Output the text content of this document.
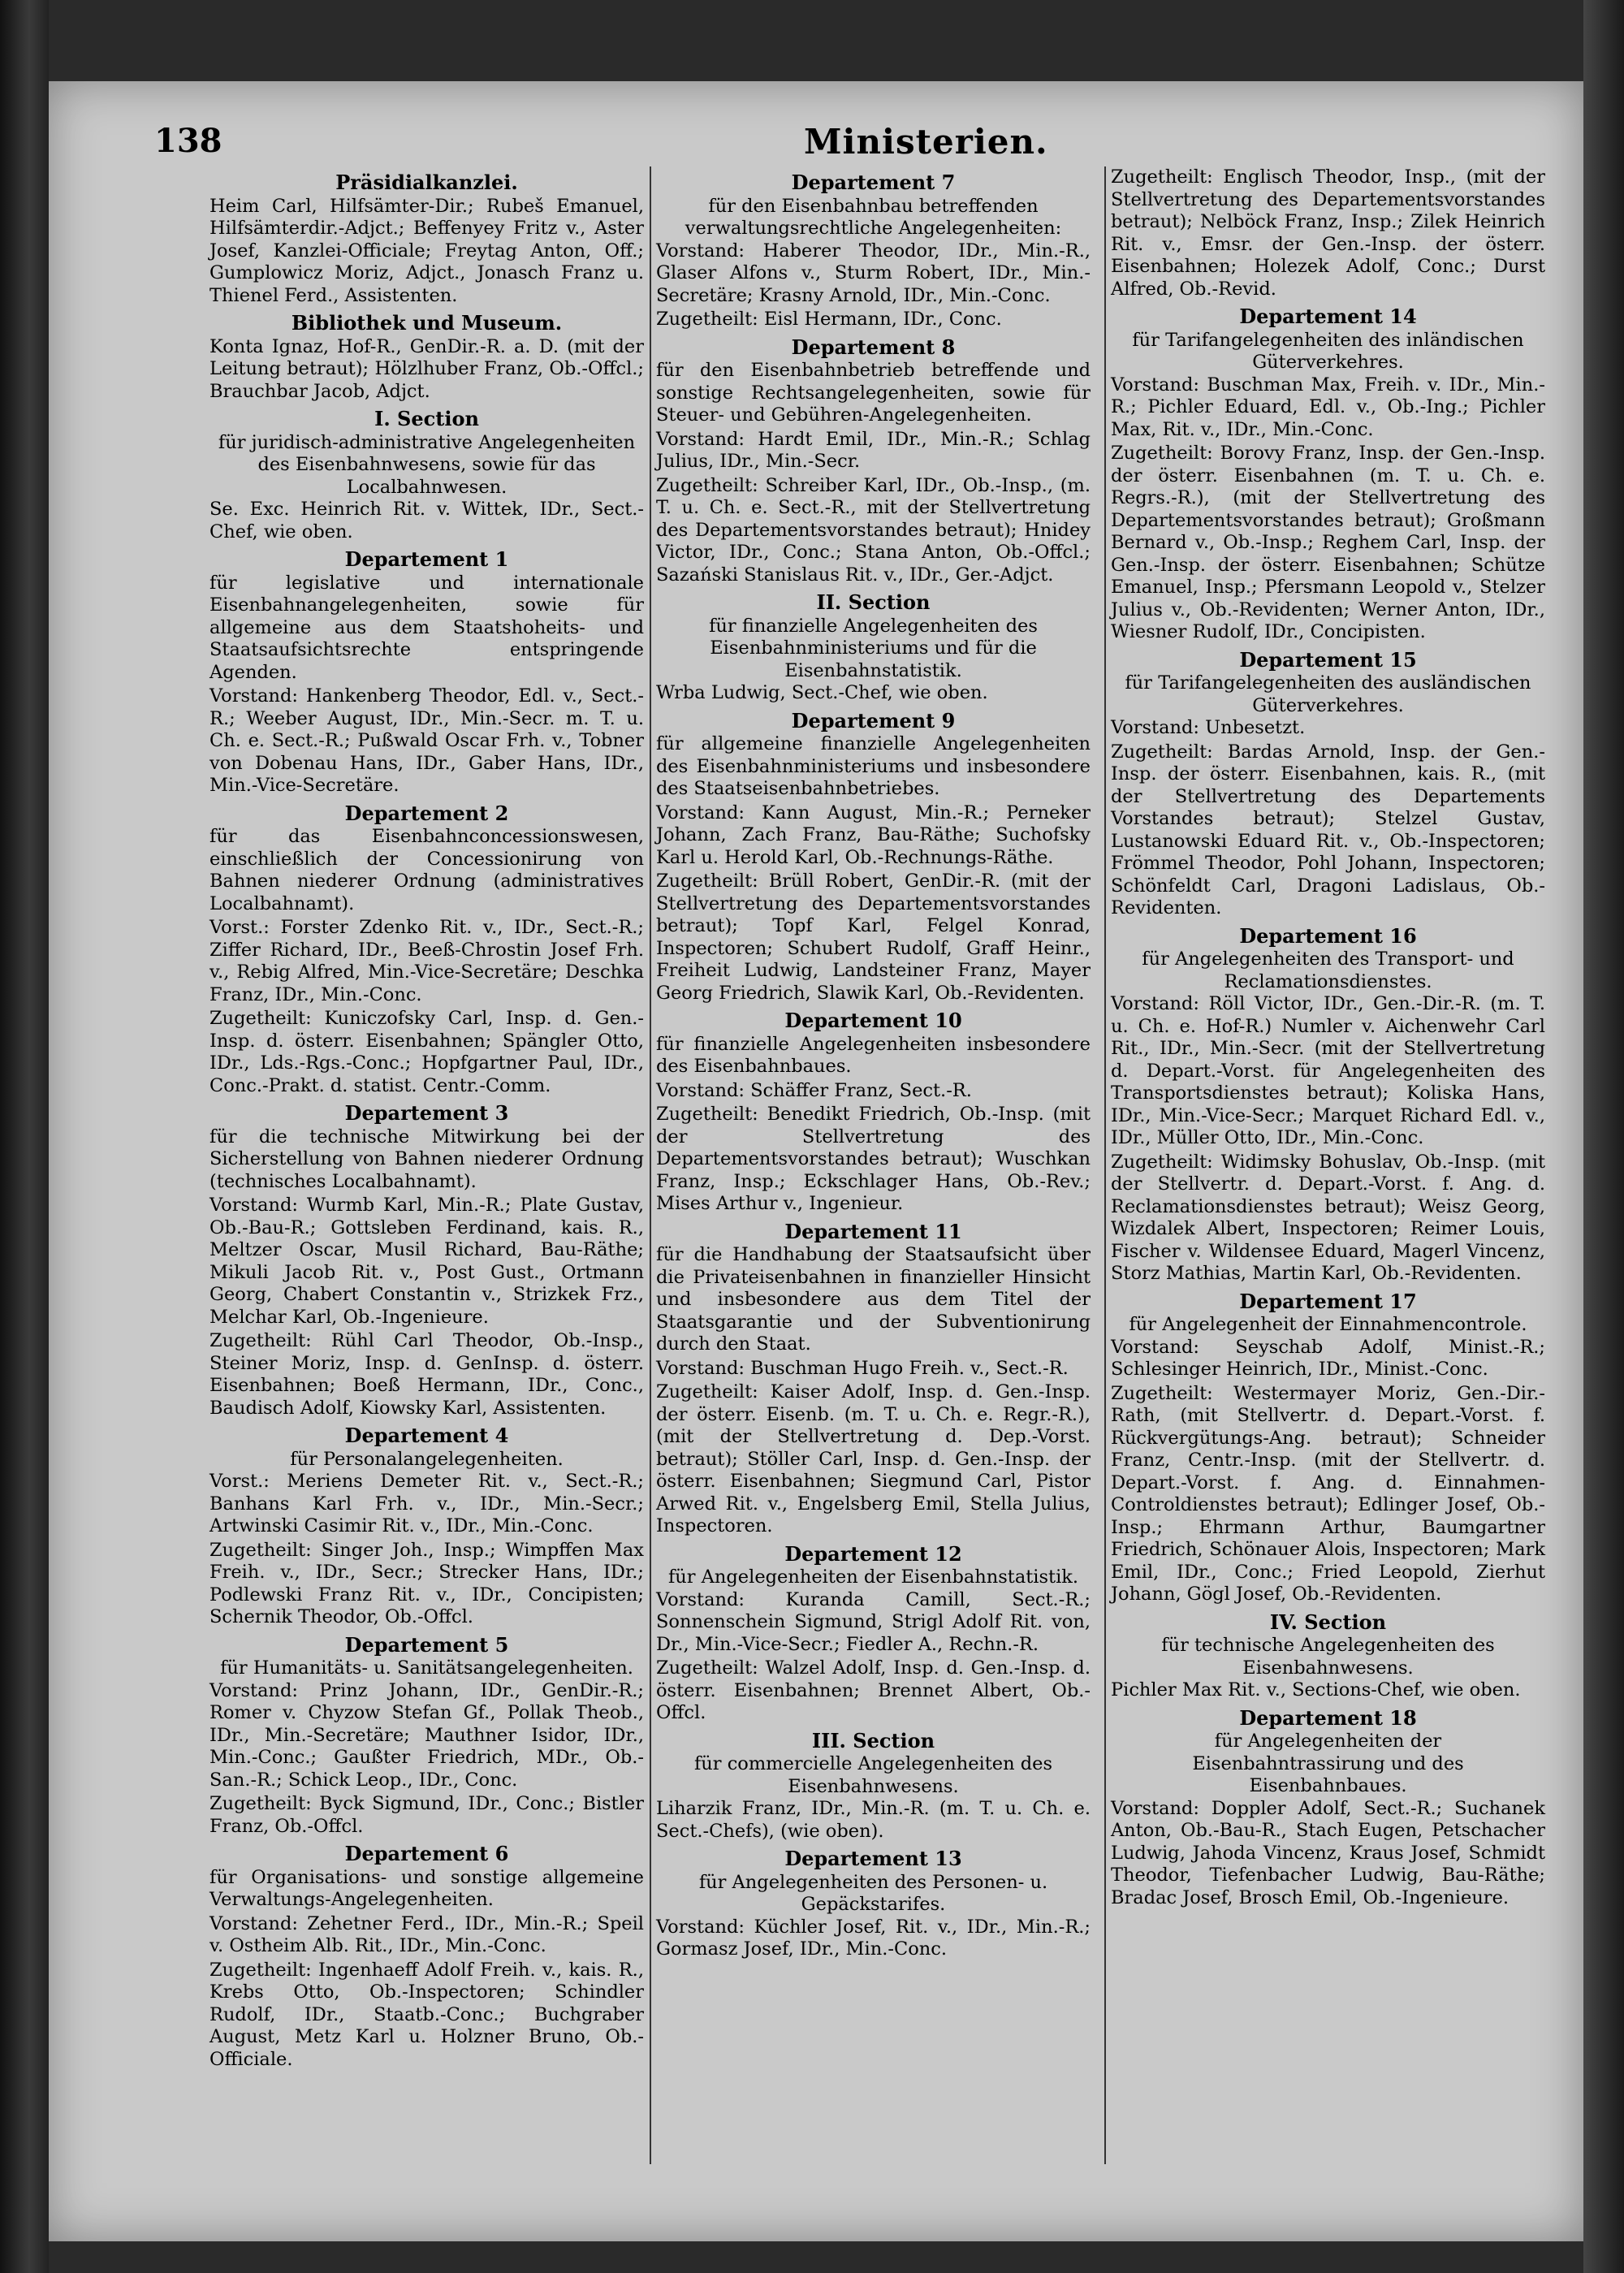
138	Ministerien.
Präsidialkanzlei.
Heim Carl, Hilfsämter-Dir.; Rubeš Emanuel, Hilfsämterdir.-Adjct.; Beffenyey Fritz v., Aster Josef, Kanzlei-Officiale; Freytag Anton, Off.; Gumplowicz Moriz, Adjct., Jonasch Franz u. Thienel Ferd., Assistenten.
Bibliothek und Museum.
Konta Ignaz, Hof-R., GenDir.-R. a. D. (mit der Leitung betraut); Hölzlhuber Franz, Ob.-Offcl.; Brauchbar Jacob, Adjct.
I. Section
für juridisch-administrative Angelegenheiten des Eisenbahnwesens, sowie für das Localbahnwesen.
Se. Exc. Heinrich Rit. v. Wittek, IDr., Sect.-Chef, wie oben.
Departement 1
für legislative und internationale Eisenbahnangelegenheiten, sowie für allgemeine aus dem Staatshoheits- und Staatsaufsichtsrechte entspringende Agenden.
Vorstand: Hankenberg Theodor, Edl. v., Sect.-R.; Weeber August, IDr., Min.-Secr. m. T. u. Ch. e. Sect.-R.; Pußwald Oscar Frh. v., Tobner von Dobenau Hans, IDr., Gaber Hans, IDr., Min.-Vice-Secretäre.
Departement 2
für das Eisenbahnconcessionswesen, einschließlich der Concessionirung von Bahnen niederer Ordnung (administratives Localbahnamt).
Vorst.: Forster Zdenko Rit. v., IDr., Sect.-R.; Ziffer Richard, IDr., Beeß-Chrostin Josef Frh. v., Rebig Alfred, Min.-Vice-Secretäre; Deschka Franz, IDr., Min.-Conc.
Zugetheilt: Kuniczofsky Carl, Insp. d. Gen.-Insp. d. österr. Eisenbahnen; Spängler Otto, IDr., Lds.-Rgs.-Conc.; Hopfgartner Paul, IDr., Conc.-Prakt. d. statist. Centr.-Comm.
Departement 3
für die technische Mitwirkung bei der Sicherstellung von Bahnen niederer Ordnung (technisches Localbahnamt).
Vorstand: Wurmb Karl, Min.-R.; Plate Gustav, Ob.-Bau-R.; Gottsleben Ferdinand, kais. R., Meltzer Oscar, Musil Richard, Bau-Räthe; Mikuli Jacob Rit. v., Post Gust., Ortmann Georg, Chabert Constantin v., Strizkek Frz., Melchar Karl, Ob.-Ingenieure.
Zugetheilt: Rühl Carl Theodor, Ob.-Insp., Steiner Moriz, Insp. d. GenInsp. d. österr. Eisenbahnen; Boeß Hermann, IDr., Conc., Baudisch Adolf, Kiowsky Karl, Assistenten.
Departement 4
für Personalangelegenheiten.
Vorst.: Meriens Demeter Rit. v., Sect.-R.; Banhans Karl Frh. v., IDr., Min.-Secr.; Artwinski Casimir Rit. v., IDr., Min.-Conc.
Zugetheilt: Singer Joh., Insp.; Wimpffen Max Freih. v., IDr., Secr.; Strecker Hans, IDr.; Podlewski Franz Rit. v., IDr., Concipisten; Schernik Theodor, Ob.-Offcl.
Departement 5
für Humanitäts- u. Sanitätsangelegenheiten.
Vorstand: Prinz Johann, IDr., GenDir.-R.; Romer v. Chyzow Stefan Gf., Pollak Theob., IDr., Min.-Secretäre; Mauthner Isidor, IDr., Min.-Conc.; Gaußter Friedrich, MDr., Ob.-San.-R.; Schick Leop., IDr., Conc.
Zugetheilt: Byck Sigmund, IDr., Conc.; Bistler Franz, Ob.-Offcl.
Departement 6
für Organisations- und sonstige allgemeine Verwaltungs-Angelegenheiten.
Vorstand: Zehetner Ferd., IDr., Min.-R.; Speil v. Ostheim Alb. Rit., IDr., Min.-Conc.
Zugetheilt: Ingenhaeff Adolf Freih. v., kais. R., Krebs Otto, Ob.-Inspectoren; Schindler Rudolf, IDr., Staatb.-Conc.; Buchgraber August, Metz Karl u. Holzner Bruno, Ob.-Officiale.
Departement 7
für den Eisenbahnbau betreffenden verwaltungsrechtliche Angelegenheiten:
Vorstand: Haberer Theodor, IDr., Min.-R., Glaser Alfons v., Sturm Robert, IDr., Min.-Secretäre; Krasny Arnold, IDr., Min.-Conc.
Zugetheilt: Eisl Hermann, IDr., Conc.
Departement 8
für den Eisenbahnbetrieb betreffende und sonstige Rechtsangelegenheiten, sowie für Steuer- und Gebühren-Angelegenheiten.
Vorstand: Hardt Emil, IDr., Min.-R.; Schlag Julius, IDr., Min.-Secr.
Zugetheilt: Schreiber Karl, IDr., Ob.-Insp., (m. T. u. Ch. e. Sect.-R., mit der Stellvertretung des Departementsvorstandes betraut); Hnidey Victor, IDr., Conc.; Stana Anton, Ob.-Offcl.; Sazański Stanislaus Rit. v., IDr., Ger.-Adjct.
II. Section
für finanzielle Angelegenheiten des Eisenbahnministeriums und für die Eisenbahnstatistik.
Wrba Ludwig, Sect.-Chef, wie oben.
Departement 9
für allgemeine finanzielle Angelegenheiten des Eisenbahnministeriums und insbesondere des Staatseisenbahnbetriebes.
Vorstand: Kann August, Min.-R.; Perneker Johann, Zach Franz, Bau-Räthe; Suchofsky Karl u. Herold Karl, Ob.-Rechnungs-Räthe.
Zugetheilt: Brüll Robert, GenDir.-R. (mit der Stellvertretung des Departementsvorstandes betraut); Topf Karl, Felgel Konrad, Inspectoren; Schubert Rudolf, Graff Heinr., Freiheit Ludwig, Landsteiner Franz, Mayer Georg Friedrich, Slawik Karl, Ob.-Revidenten.
Departement 10
für finanzielle Angelegenheiten insbesondere des Eisenbahnbaues.
Vorstand: Schäffer Franz, Sect.-R.
Zugetheilt: Benedikt Friedrich, Ob.-Insp. (mit der Stellvertretung des Departementsvorstandes betraut); Wuschkan Franz, Insp.; Eckschlager Hans, Ob.-Rev.; Mises Arthur v., Ingenieur.
Departement 11
für die Handhabung der Staatsaufsicht über die Privateisenbahnen in finanzieller Hinsicht und insbesondere aus dem Titel der Staatsgarantie und der Subventionirung durch den Staat.
Vorstand: Buschman Hugo Freih. v., Sect.-R.
Zugetheilt: Kaiser Adolf, Insp. d. Gen.-Insp. der österr. Eisenb. (m. T. u. Ch. e. Regr.-R.), (mit der Stellvertretung d. Dep.-Vorst. betraut); Stöller Carl, Insp. d. Gen.-Insp. der österr. Eisenbahnen; Siegmund Carl, Pistor Arwed Rit. v., Engelsberg Emil, Stella Julius, Inspectoren.
Departement 12
für Angelegenheiten der Eisenbahnstatistik.
Vorstand: Kuranda Camill, Sect.-R.; Sonnenschein Sigmund, Strigl Adolf Rit. von, Dr., Min.-Vice-Secr.; Fiedler A., Rechn.-R.
Zugetheilt: Walzel Adolf, Insp. d. Gen.-Insp. d. österr. Eisenbahnen; Brennet Albert, Ob.-Offcl.
III. Section
für commercielle Angelegenheiten des Eisenbahnwesens.
Liharzik Franz, IDr., Min.-R. (m. T. u. Ch. e. Sect.-Chefs), (wie oben).
Departement 13
für Angelegenheiten des Personen- u. Gepäckstarifes.
Vorstand: Küchler Josef, Rit. v., IDr., Min.-R.; Gormasz Josef, IDr., Min.-Conc.
Zugetheilt: Englisch Theodor, Insp., (mit der Stellvertretung des Departementsvorstandes betraut); Nelböck Franz, Insp.; Zilek Heinrich Rit. v., Emsr. der Gen.-Insp. der österr. Eisenbahnen; Holezek Adolf, Conc.; Durst Alfred, Ob.-Revid.
Departement 14
für Tarifangelegenheiten des inländischen Güterverkehres.
Vorstand: Buschman Max, Freih. v. IDr., Min.-R.; Pichler Eduard, Edl. v., Ob.-Ing.; Pichler Max, Rit. v., IDr., Min.-Conc.
Zugetheilt: Borovy Franz, Insp. der Gen.-Insp. der österr. Eisenbahnen (m. T. u. Ch. e. Regrs.-R.), (mit der Stellvertretung des Departementsvorstandes betraut); Großmann Bernard v., Ob.-Insp.; Reghem Carl, Insp. der Gen.-Insp. der österr. Eisenbahnen; Schütze Emanuel, Insp.; Pfersmann Leopold v., Stelzer Julius v., Ob.-Revidenten; Werner Anton, IDr., Wiesner Rudolf, IDr., Concipisten.
Departement 15
für Tarifangelegenheiten des ausländischen Güterverkehres.
Vorstand: Unbesetzt.
Zugetheilt: Bardas Arnold, Insp. der Gen.-Insp. der österr. Eisenbahnen, kais. R., (mit der Stellvertretung des Departements Vorstandes betraut); Stelzel Gustav, Lustanowski Eduard Rit. v., Ob.-Inspectoren; Frömmel Theodor, Pohl Johann, Inspectoren; Schönfeldt Carl, Dragoni Ladislaus, Ob.-Revidenten.
Departement 16
für Angelegenheiten des Transport- und Reclamationsdienstes.
Vorstand: Röll Victor, IDr., Gen.-Dir.-R. (m. T. u. Ch. e. Hof-R.) Numler v. Aichenwehr Carl Rit., IDr., Min.-Secr. (mit der Stellvertretung d. Depart.-Vorst. für Angelegenheiten des Transportsdienstes betraut); Koliska Hans, IDr., Min.-Vice-Secr.; Marquet Richard Edl. v., IDr., Müller Otto, IDr., Min.-Conc.
Zugetheilt: Widimsky Bohuslav, Ob.-Insp. (mit der Stellvertr. d. Depart.-Vorst. f. Ang. d. Reclamationsdienstes betraut); Weisz Georg, Wizdalek Albert, Inspectoren; Reimer Louis, Fischer v. Wildensee Eduard, Magerl Vincenz, Storz Mathias, Martin Karl, Ob.-Revidenten.
Departement 17
für Angelegenheit der Einnahmencontrole.
Vorstand: Seyschab Adolf, Minist.-R.; Schlesinger Heinrich, IDr., Minist.-Conc.
Zugetheilt: Westermayer Moriz, Gen.-Dir.-Rath, (mit Stellvertr. d. Depart.-Vorst. f. Rückvergütungs-Ang. betraut); Schneider Franz, Centr.-Insp. (mit der Stellvertr. d. Depart.-Vorst. f. Ang. d. Einnahmen-Controldienstes betraut); Edlinger Josef, Ob.-Insp.; Ehrmann Arthur, Baumgartner Friedrich, Schönauer Alois, Inspectoren; Mark Emil, IDr., Conc.; Fried Leopold, Zierhut Johann, Gögl Josef, Ob.-Revidenten.
IV. Section
für technische Angelegenheiten des Eisenbahnwesens.
Pichler Max Rit. v., Sections-Chef, wie oben.
Departement 18
für Angelegenheiten der Eisenbahntrassirung und des Eisenbahnbaues.
Vorstand: Doppler Adolf, Sect.-R.; Suchanek Anton, Ob.-Bau-R., Stach Eugen, Petschacher Ludwig, Jahoda Vincenz, Kraus Josef, Schmidt Theodor, Tiefenbacher Ludwig, Bau-Räthe; Bradac Josef, Brosch Emil, Ob.-Ingenieure.
